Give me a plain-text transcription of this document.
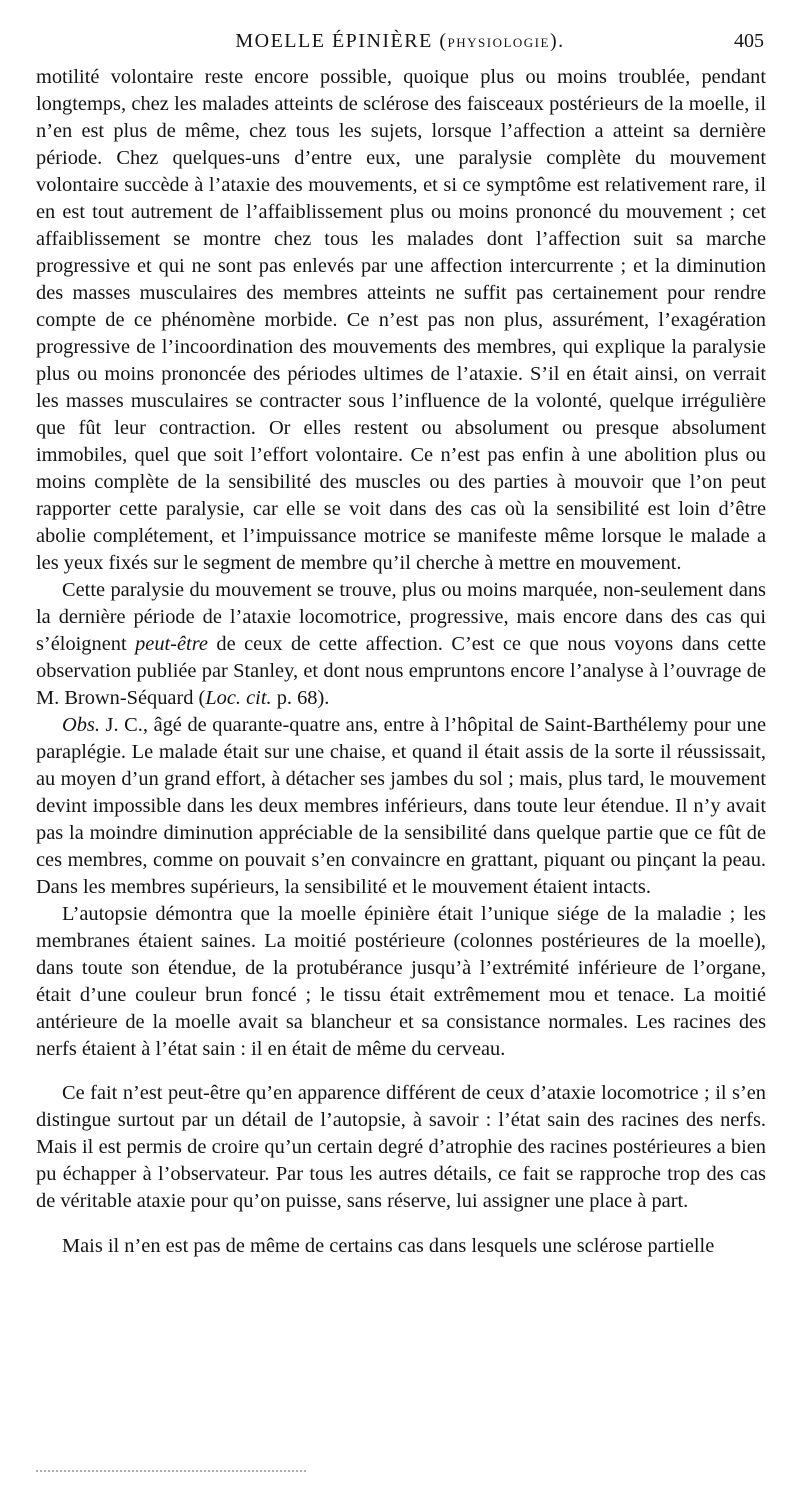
MOELLE ÉPINIÈRE (PHYSIOLOGIE).	405

motilité volontaire reste encore possible, quoique plus ou moins troublée, pendant longtemps, chez les malades atteints de sclérose des faisceaux postérieurs de la moelle, il n’en est plus de même, chez tous les sujets, lorsque l’affection a atteint sa dernière période. Chez quelques-uns d’entre eux, une paralysie complète du mouvement volontaire succède à l’ataxie des mouvements, et si ce symptôme est relativement rare, il en est tout autrement de l’affaiblissement plus ou moins prononcé du mouvement ; cet affaiblissement se montre chez tous les malades dont l’affection suit sa marche progressive et qui ne sont pas enlevés par une affection intercurrente ; et la diminution des masses musculaires des membres atteints ne suffit pas certainement pour rendre compte de ce phénomène morbide. Ce n’est pas non plus, assurément, l’exagération progressive de l’incoordination des mouvements des membres, qui explique la paralysie plus ou moins prononcée des périodes ultimes de l’ataxie. S’il en était ainsi, on verrait les masses musculaires se contracter sous l’influence de la volonté, quelque irrégulière que fût leur contraction. Or elles restent ou absolument ou presque absolument immobiles, quel que soit l’effort volontaire. Ce n’est pas enfin à une abolition plus ou moins complète de la sensibilité des muscles ou des parties à mouvoir que l’on peut rapporter cette paralysie, car elle se voit dans des cas où la sensibilité est loin d’être abolie complétement, et l’impuissance motrice se manifeste même lorsque le malade a les yeux fixés sur le segment de membre qu’il cherche à mettre en mouvement.

Cette paralysie du mouvement se trouve, plus ou moins marquée, non-seulement dans la dernière période de l’ataxie locomotrice, progressive, mais encore dans des cas qui s’éloignent peut-être de ceux de cette affection. C’est ce que nous voyons dans cette observation publiée par Stanley, et dont nous empruntons encore l’analyse à l’ouvrage de M. Brown-Séquard (Loc. cit. p. 68).

Obs. J. C., âgé de quarante-quatre ans, entre à l’hôpital de Saint-Barthélemy pour une paraplégie. Le malade était sur une chaise, et quand il était assis de la sorte il réussissait, au moyen d’un grand effort, à détacher ses jambes du sol ; mais, plus tard, le mouvement devint impossible dans les deux membres inférieurs, dans toute leur étendue. Il n’y avait pas la moindre diminution appréciable de la sensibilité dans quelque partie que ce fût de ces membres, comme on pouvait s’en convaincre en grattant, piquant ou pinçant la peau. Dans les membres supérieurs, la sensibilité et le mouvement étaient intacts.

L’autopsie démontra que la moelle épinière était l’unique siége de la maladie ; les membranes étaient saines. La moitié postérieure (colonnes postérieures de la moelle), dans toute son étendue, de la protubérance jusqu’à l’extrémité inférieure de l’organe, était d’une couleur brun foncé ; le tissu était extrêmement mou et tenace. La moitié antérieure de la moelle avait sa blancheur et sa consistance normales. Les racines des nerfs étaient à l’état sain : il en était de même du cerveau.

Ce fait n’est peut-être qu’en apparence différent de ceux d’ataxie locomotrice ; il s’en distingue surtout par un détail de l’autopsie, à savoir : l’état sain des racines des nerfs. Mais il est permis de croire qu’un certain degré d’atrophie des racines postérieures a bien pu échapper à l’observateur. Par tous les autres détails, ce fait se rapproche trop des cas de véritable ataxie pour qu’on puisse, sans réserve, lui assigner une place à part.

Mais il n’en est pas de même de certains cas dans lesquels une sclérose partielle
